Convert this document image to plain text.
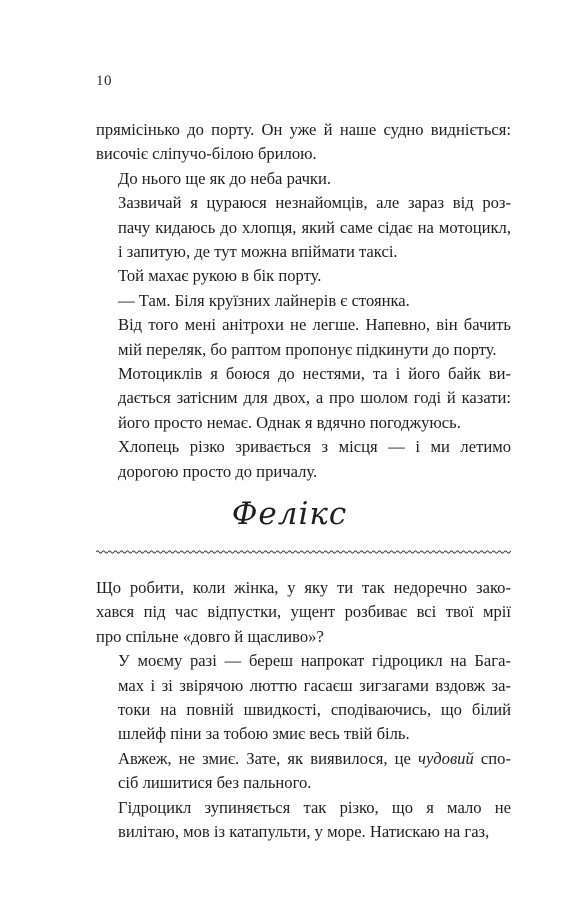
10

прямісінько до порту. Он уже й наше судно видніється:
височіє сліпучо-білою брилою.

До нього ще як до неба рачки.

Зазвичай я цураюся незнайомців, але зараз від роз-
пачу кидаюсь до хлопця, який саме сідає на мотоцикл,
і запитую, де тут можна впіймати таксі.

Той махає рукою в бік порту.

— Там. Біля круїзних лайнерів є стоянка.

Від того мені анітрохи не легше. Напевно, він бачить
мій переляк, бо раптом пропонує підкинути до порту.

Мотоциклів я боюся до нестями, та і його байк ви-
дається затісним для двох, а про шолом годі й казати:
його просто немає. Однак я вдячно погоджуюсь.

Хлопець різко зривається з місця — і ми летимо
дорогою просто до причалу.

Фелікс

Що робити, коли жінка, у яку ти так недоречно зако-
хався під час відпустки, ущент розбиває всі твої мрії
про спільне «довго й щасливо»?

У моєму разі — береш напрокат гідроцикл на Бага-
мах і зі звірячою люттю гасаєш зигзагами вздовж за-
токи на повній швидкості, сподіваючись, що білий
шлейф піни за тобою змиє весь твій біль.

Авжеж, не змиє. Зате, як виявилося, це чудовий спо-
сіб лишитися без пального.

Гідроцикл зупиняється так різко, що я мало не
вилітаю, мов із катапульти, у море. Натискаю на газ,
